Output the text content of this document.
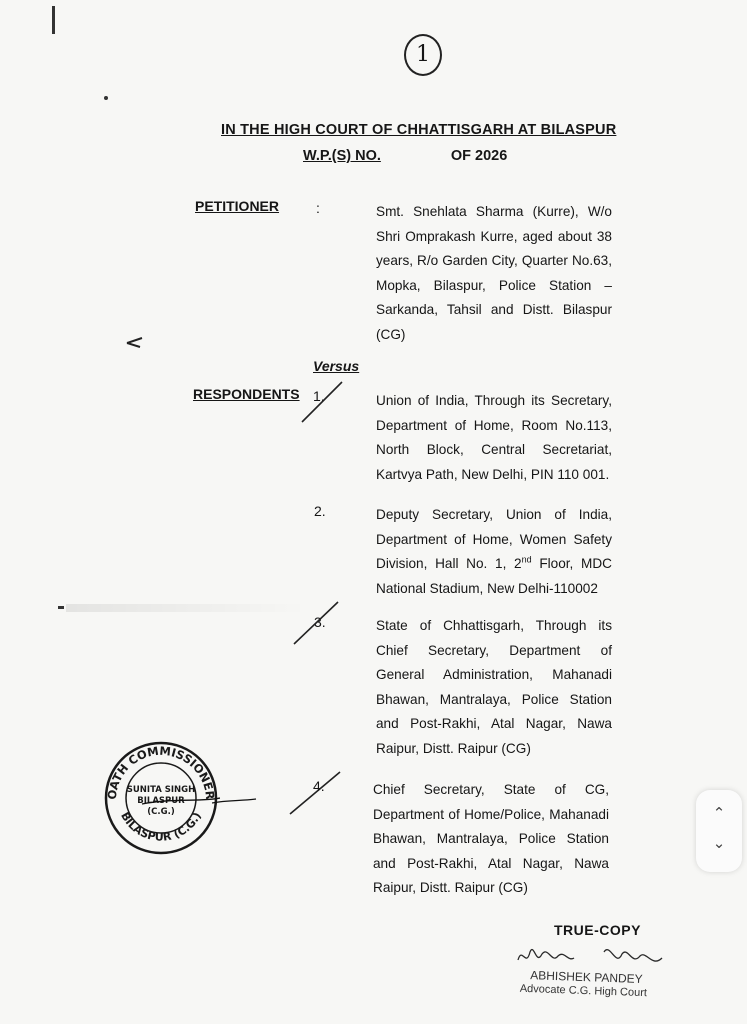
1
IN THE HIGH COURT OF CHHATTISGARH AT BILASPUR
W.P.(S) NO.	OF 2026
PETITIONER	:	Smt. Snehlata Sharma (Kurre), W/o Shri Omprakash Kurre, aged about 38 years, R/o Garden City, Quarter No.63, Mopka, Bilaspur, Police Station – Sarkanda, Tahsil and Distt. Bilaspur (CG)
Versus
RESPONDENTS 1.	Union of India, Through its Secretary, Department of Home, Room No.113, North Block, Central Secretariat, Kartvya Path, New Delhi, PIN 110 001.
2.	Deputy Secretary, Union of India, Department of Home, Women Safety Division, Hall No. 1, 2nd Floor, MDC National Stadium, New Delhi-110002
3.	State of Chhattisgarh, Through its Chief Secretary, Department of General Administration, Mahanadi Bhawan, Mantralaya, Police Station and Post-Rakhi, Atal Nagar, Nawa Raipur, Distt. Raipur (CG)
4.	Chief Secretary, State of CG, Department of Home/Police, Mahanadi Bhawan, Mantralaya, Police Station and Post-Rakhi, Atal Nagar, Nawa Raipur, Distt. Raipur (CG)
OATH COMMISSIONER
BILASPUR (C.G.)
SUNITA SINGH
BILASPUR
(C.G.)
TRUE-COPY
ABHISHEK PANDEY
Advocate C.G. High Court
⌃
⌄
